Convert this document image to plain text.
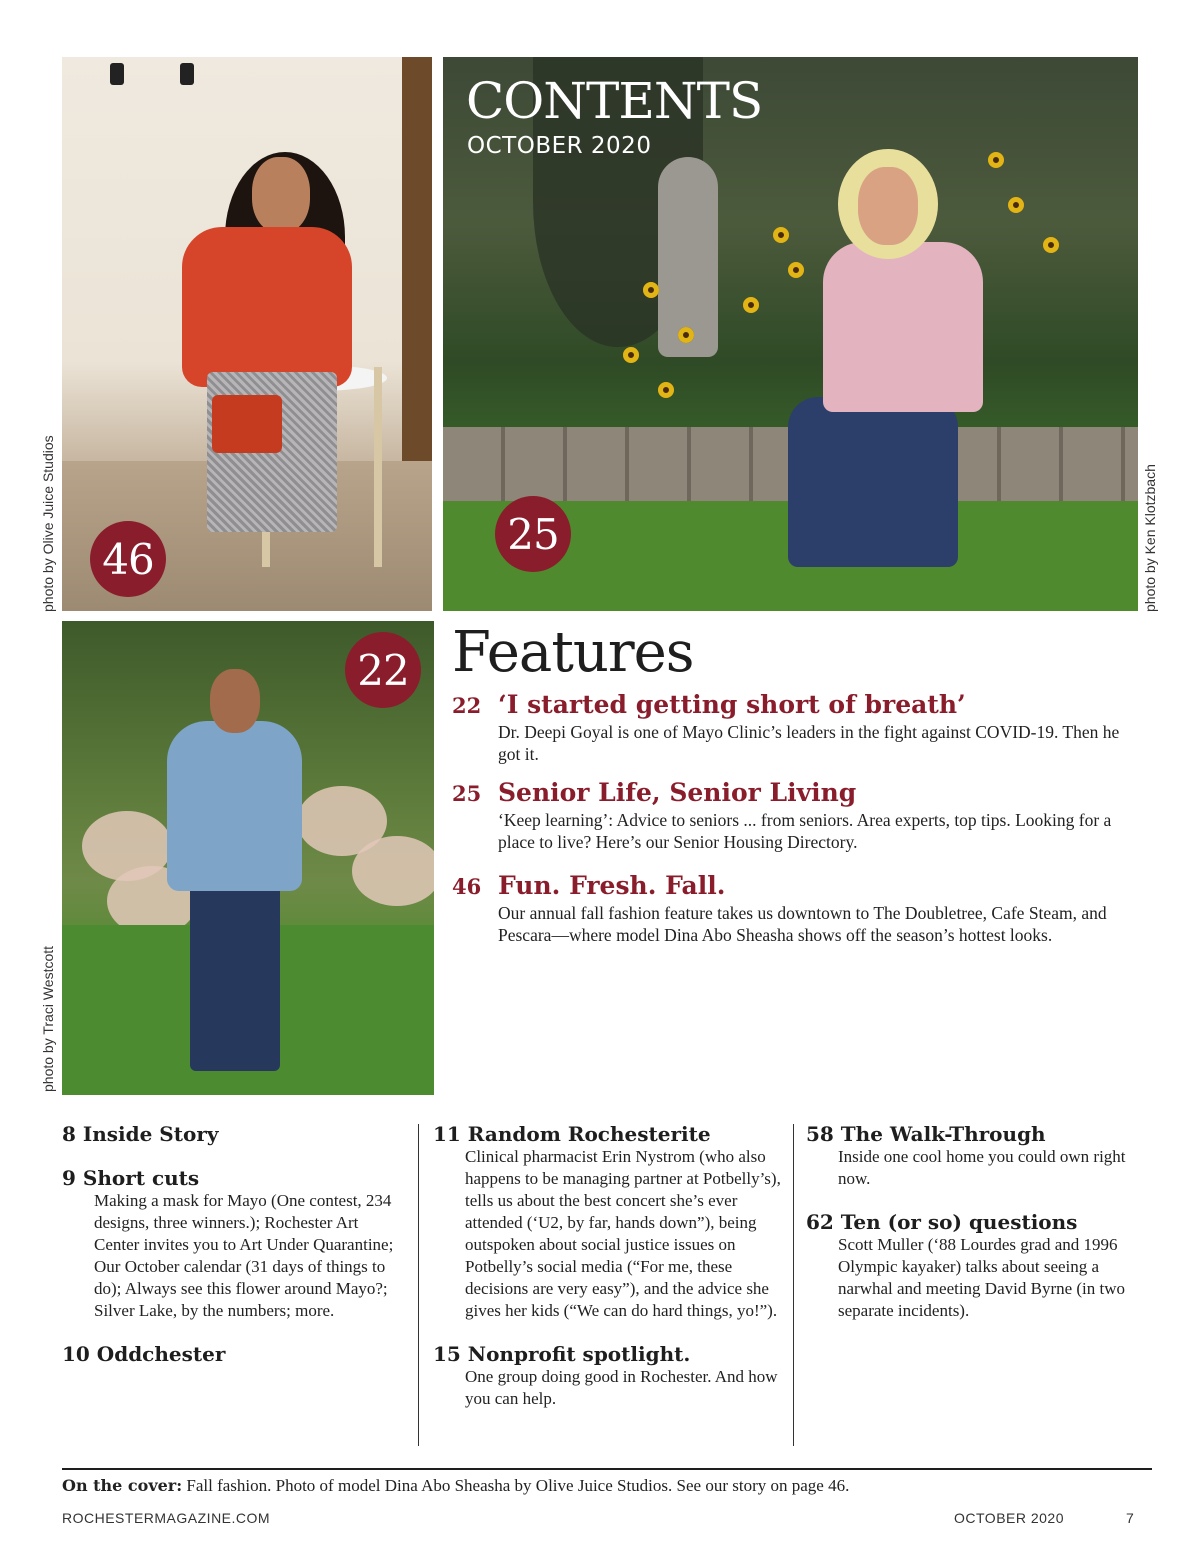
46
photo by Olive Juice Studios	25	photo by Ken Klotzbach
CONTENTS
OCTOBER 2020
22
photo by Traci Westcott
Features
22 ‘I started getting short of breath’
Dr. Deepi Goyal is one of Mayo Clinic’s leaders in the fight against COVID-19. Then he got it.
25 Senior Life, Senior Living
‘Keep learning’: Advice to seniors ... from seniors. Area experts, top tips. Looking for a place to live? Here’s our Senior Housing Directory.
46 Fun. Fresh. Fall.
Our annual fall fashion feature takes us downtown to The Doubletree, Cafe Steam, and Pescara—where model Dina Abo Sheasha shows off the season’s hottest looks.
8 Inside Story
9 Short cuts
Making a mask for Mayo (One contest, 234 designs, three winners.); Rochester Art Center invites you to Art Under Quarantine; Our October calendar (31 days of things to do); Always see this flower around Mayo?; Silver Lake, by the numbers; more.
10 Oddchester
11 Random Rochesterite
Clinical pharmacist Erin Nystrom (who also happens to be managing partner at Potbelly’s), tells us about the best concert she’s ever attended (‘U2, by far, hands down”), being outspoken about social justice issues on Potbelly’s social media (“For me, these decisions are very easy”), and the advice she gives her kids (“We can do hard things, yo!”).
15 Nonprofit spotlight.
One group doing good in Rochester. And how you can help.
58 The Walk-Through
Inside one cool home you could own right now.
62 Ten (or so) questions
Scott Muller (‘88 Lourdes grad and 1996 Olympic kayaker) talks about seeing a narwhal and meeting David Byrne (in two separate incidents).
On the cover: Fall fashion. Photo of model Dina Abo Sheasha by Olive Juice Studios. See our story on page 46.
ROCHESTERMAGAZINE.COM	OCTOBER 2020	7
